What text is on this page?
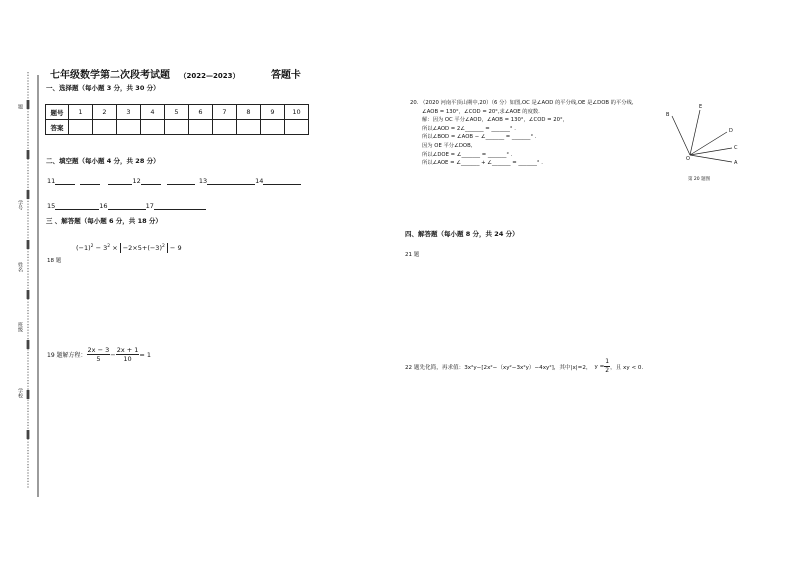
题
学号
姓名
班级
学校
七年级数学第二次段考试题 （2022—2023）	答题卡
一、选择题（每小题 3 分，共 30 分）
题号	1	2	3	4	5	6	7	8	9	10
答案										
二、填空题（每小题 4 分，共 28 分）
11	12	13	14
15	16	17
三 、解答题（每小题 6 分，共 18 分）
18 题
$(-1)^2 - 3^2 \times -2\times 5+(-3)^2 - 9$
19 题解方程： $\frac{2x - 3}{5} - \frac{2x + 1}{10} = 1$
20. （2020 河南平顶山期中,20）（6 分）如图,OC 是∠AOD 的平分线,OE 是∠DOB 的平分线,
∠AOB = 130°，∠COD = 20°,求∠AOE 的度数.
解：因为 OC 平分∠AOD，∠AOB = 130°，∠COD = 20°，
所以∠AOD = 2∠_______ = _______° .
所以∠BOD = ∠AOB − ∠_______ = _______° .
因为 OE 平分∠DOB,
所以∠DOE = ∠_______ = _______° .
所以∠AOE = ∠_______ + ∠_______ = _______° .
E
B
D
C
A
O
第 20 题图
四、解答题（每小题 8 分，共 24 分）
21 题
22 题先化简，再求值：3x²y−[2x²−（xy²−3x²y）−4xy²]，其中|x|=2， $y = \frac{1}{2}$ ，且 xy < 0.
